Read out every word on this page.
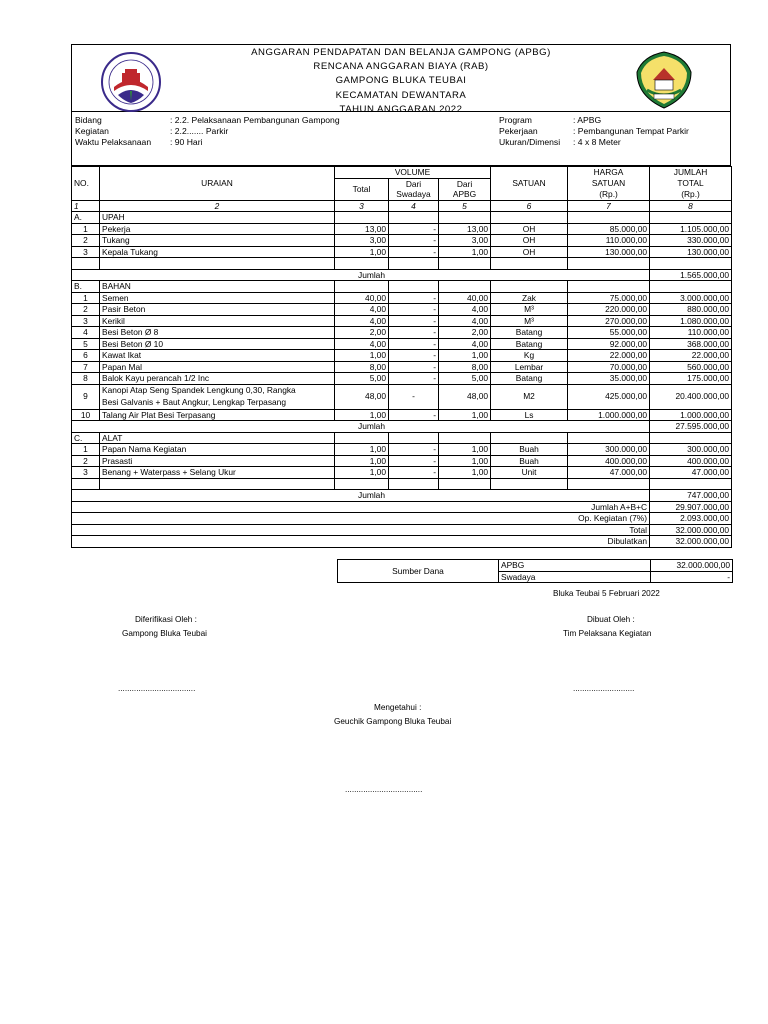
ANGGARAN PENDAPATAN DAN BELANJA GAMPONG (APBG)
RENCANA ANGGARAN BIAYA (RAB)
GAMPONG BLUKA TEUBAI
KECAMATAN DEWANTARA
TAHUN ANGGARAN 2022
Bidang	: 2.2. Pelaksanaan Pembangunan Gampong
Kegiatan	: 2.2....... Parkir
Waktu Pelaksanaan : 90 Hari
Program	: APBG
Pekerjaan	: Pembangunan Tempat Parkir
Ukuran/Dimensi : 4 x 8 Meter
NO.	URAIAN	VOLUME			SATUAN	HARGA	JUMLAH
		Total	Dari	Dari		SATUAN	TOTAL
			Swadaya	APBG		(Rp.)	(Rp.)
1	2	3	4	5	6	7	8
A.	UPAH						
1	Pekerja	13,00	-	13,00	OH	85.000,00	1.105.000,00
2	Tukang	3,00	-	3,00	OH	110.000,00	330.000,00
3	Kepala Tukang	1,00	-	1,00	OH	130.000,00	130.000,00

Jumlah							1.565.000,00
B.	BAHAN						
1	Semen	40,00	-	40,00	Zak	75.000,00	3.000.000,00
2	Pasir Beton	4,00	-	4,00	M³	220.000,00	880.000,00
3	Kerikil	4,00	-	4,00	M³	270.000,00	1.080.000,00
4	Besi Beton Ø 8	2,00	-	2,00	Batang	55.000,00	110.000,00
5	Besi Beton Ø 10	4,00	-	4,00	Batang	92.000,00	368.000,00
6	Kawat Ikat	1,00	-	1,00	Kg	22.000,00	22.000,00
7	Papan Mal	8,00	-	8,00	Lembar	70.000,00	560.000,00
8	Balok Kayu perancah 1/2 Inc	5,00	-	5,00	Batang	35.000,00	175.000,00
9	Kanopi Atap Seng Spandek Lengkung 0,30, Rangka
Besi Galvanis + Baut Angkur, Lengkap Terpasang	48,00	-	48,00	M2	425.000,00	20.400.000,00
10	Talang Air Plat Besi Terpasang	1,00	-	1,00	Ls	1.000.000,00	1.000.000,00
Jumlah							27.595.000,00
C.	ALAT						
1	Papan Nama Kegiatan	1,00	-	1,00	Buah	300.000,00	300.000,00
2	Prasasti	1,00	-	1,00	Buah	400.000,00	400.000,00
3	Benang + Waterpass + Selang Ukur	1,00	-	1,00	Unit	47.000,00	47.000,00

Jumlah							747.000,00
Jumlah A+B+C							29.907.000,00
Op. Kegiatan (7%)							2.093.000,00
Total							32.000.000,00
Dibulatkan							32.000.000,00
Sumber Dana	APBG	32.000.000,00
	Swadaya	-
Bluka Teubai 5 Februari 2022
Diferifikasi Oleh :
Gampong Bluka Teubai
..................................
Dibuat Oleh :
Tim Pelaksana Kegiatan
...........................
Mengetahui :
Geuchik Gampong Bluka Teubai
..................................
